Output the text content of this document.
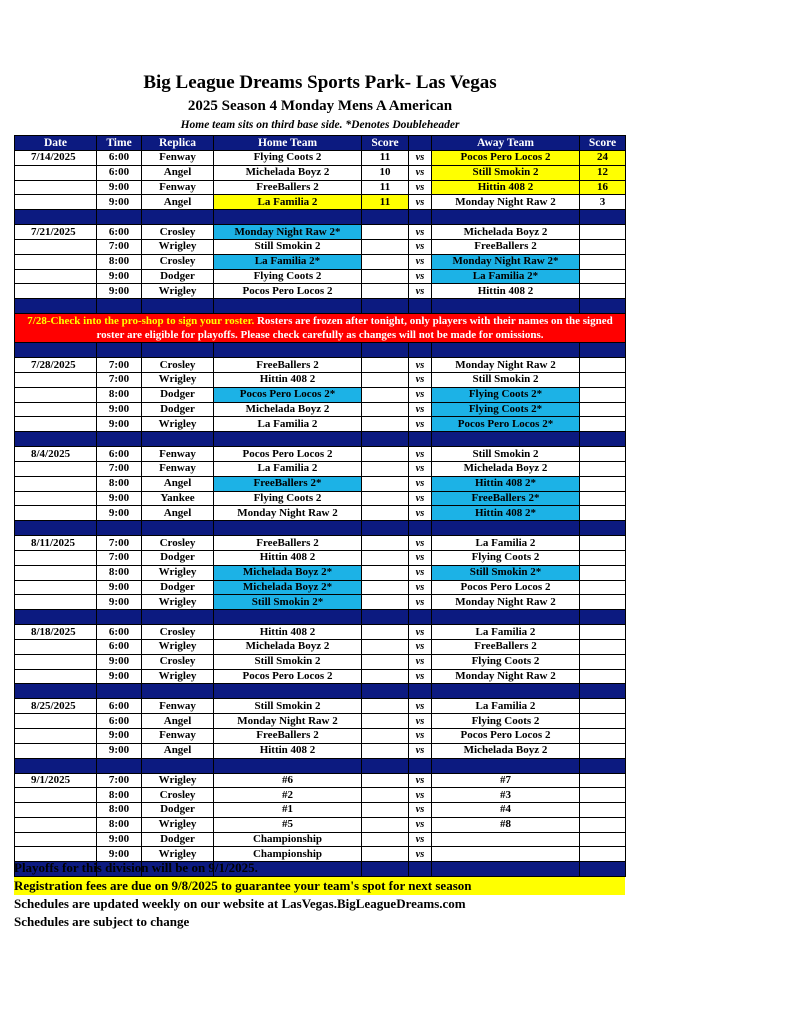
Big League Dreams Sports Park- Las Vegas
2025 Season 4 Monday Mens A American
Home team sits on third base side. *Denotes Doubleheader
Date	Time	Replica	Home Team	Score		Away Team	Score
7/14/2025	6:00	Fenway	Flying Coots 2	11	vs	Pocos Pero Locos 2	24
	6:00	Angel	Michelada Boyz 2	10	vs	Still Smokin 2	12
	9:00	Fenway	FreeBallers 2	11	vs	Hittin 408 2	16
	9:00	Angel	La Familia 2	11	vs	Monday Night Raw 2	3

7/21/2025	6:00	Crosley	Monday Night Raw 2*		vs	Michelada Boyz 2	
	7:00	Wrigley	Still Smokin 2		vs	FreeBallers 2	
	8:00	Crosley	La Familia 2*		vs	Monday Night Raw 2*	
	9:00	Dodger	Flying Coots 2		vs	La Familia 2*	
	9:00	Wrigley	Pocos Pero Locos 2		vs	Hittin 408 2	

7/28-Check into the pro-shop to sign your roster. Rosters are frozen after tonight, only players with their names on the signed roster are eligible for playoffs. Please check carefully as changes will not be made for omissions.							

7/28/2025	7:00	Crosley	FreeBallers 2		vs	Monday Night Raw 2	
	7:00	Wrigley	Hittin 408 2		vs	Still Smokin 2	
	8:00	Dodger	Pocos Pero Locos 2*		vs	Flying Coots 2*	
	9:00	Dodger	Michelada Boyz 2		vs	Flying Coots 2*	
	9:00	Wrigley	La Familia 2		vs	Pocos Pero Locos 2*	

8/4/2025	6:00	Fenway	Pocos Pero Locos 2		vs	Still Smokin 2	
	7:00	Fenway	La Familia 2		vs	Michelada Boyz 2	
	8:00	Angel	FreeBallers 2*		vs	Hittin 408 2*	
	9:00	Yankee	Flying Coots 2		vs	FreeBallers 2*	
	9:00	Angel	Monday Night Raw 2		vs	Hittin 408 2*	

8/11/2025	7:00	Crosley	FreeBallers 2		vs	La Familia 2	
	7:00	Dodger	Hittin 408 2		vs	Flying Coots 2	
	8:00	Wrigley	Michelada Boyz 2*		vs	Still Smokin 2*	
	9:00	Dodger	Michelada Boyz 2*		vs	Pocos Pero Locos 2	
	9:00	Wrigley	Still Smokin 2*		vs	Monday Night Raw 2	

8/18/2025	6:00	Crosley	Hittin 408 2		vs	La Familia 2	
	6:00	Wrigley	Michelada Boyz 2		vs	FreeBallers 2	
	9:00	Crosley	Still Smokin 2		vs	Flying Coots 2	
	9:00	Wrigley	Pocos Pero Locos 2		vs	Monday Night Raw 2	

8/25/2025	6:00	Fenway	Still Smokin 2		vs	La Familia 2	
	6:00	Angel	Monday Night Raw 2		vs	Flying Coots 2	
	9:00	Fenway	FreeBallers 2		vs	Pocos Pero Locos 2	
	9:00	Angel	Hittin 408 2		vs	Michelada Boyz 2	

9/1/2025	7:00	Wrigley	#6		vs	#7	
	8:00	Crosley	#2		vs	#3	
	8:00	Dodger	#1		vs	#4	
	8:00	Wrigley	#5		vs	#8	
	9:00	Dodger	Championship		vs		
	9:00	Wrigley	Championship		vs		

Playoffs for this division will be on 9/1/2025.
Registration fees are due on 9/8/2025 to guarantee your team's spot for next season
Schedules are updated weekly on our website at LasVegas.BigLeagueDreams.com
Schedules are subject to change
